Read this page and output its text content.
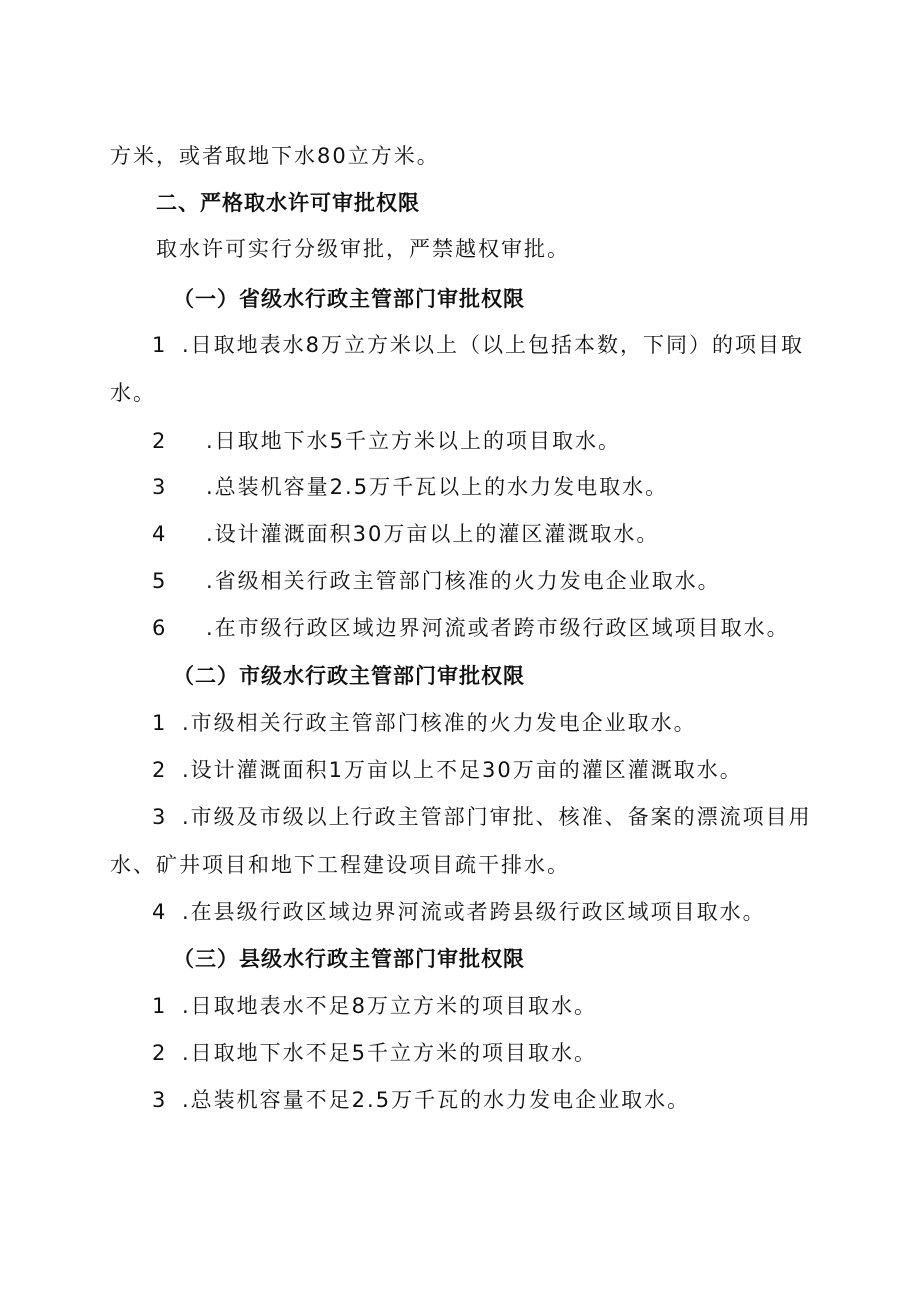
方米，或者取地下水80立方米。
二、严格取水许可审批权限
取水许可实行分级审批，严禁越权审批。
（一）省级水行政主管部门审批权限
1 .日取地表水8万立方米以上（以上包括本数，下同）的项目取
水。
2 .日取地下水5千立方米以上的项目取水。
3 .总装机容量2.5万千瓦以上的水力发电取水。
4 .设计灌溉面积30万亩以上的灌区灌溉取水。
5 .省级相关行政主管部门核准的火力发电企业取水。
6 .在市级行政区域边界河流或者跨市级行政区域项目取水。
（二）市级水行政主管部门审批权限
1 .市级相关行政主管部门核准的火力发电企业取水。
2 .设计灌溉面积1万亩以上不足30万亩的灌区灌溉取水。
3 .市级及市级以上行政主管部门审批、核准、备案的漂流项目用
水、矿井项目和地下工程建设项目疏干排水。
4 .在县级行政区域边界河流或者跨县级行政区域项目取水。
（三）县级水行政主管部门审批权限
1 .日取地表水不足8万立方米的项目取水。
2 .日取地下水不足5千立方米的项目取水。
3 .总装机容量不足2.5万千瓦的水力发电企业取水。
